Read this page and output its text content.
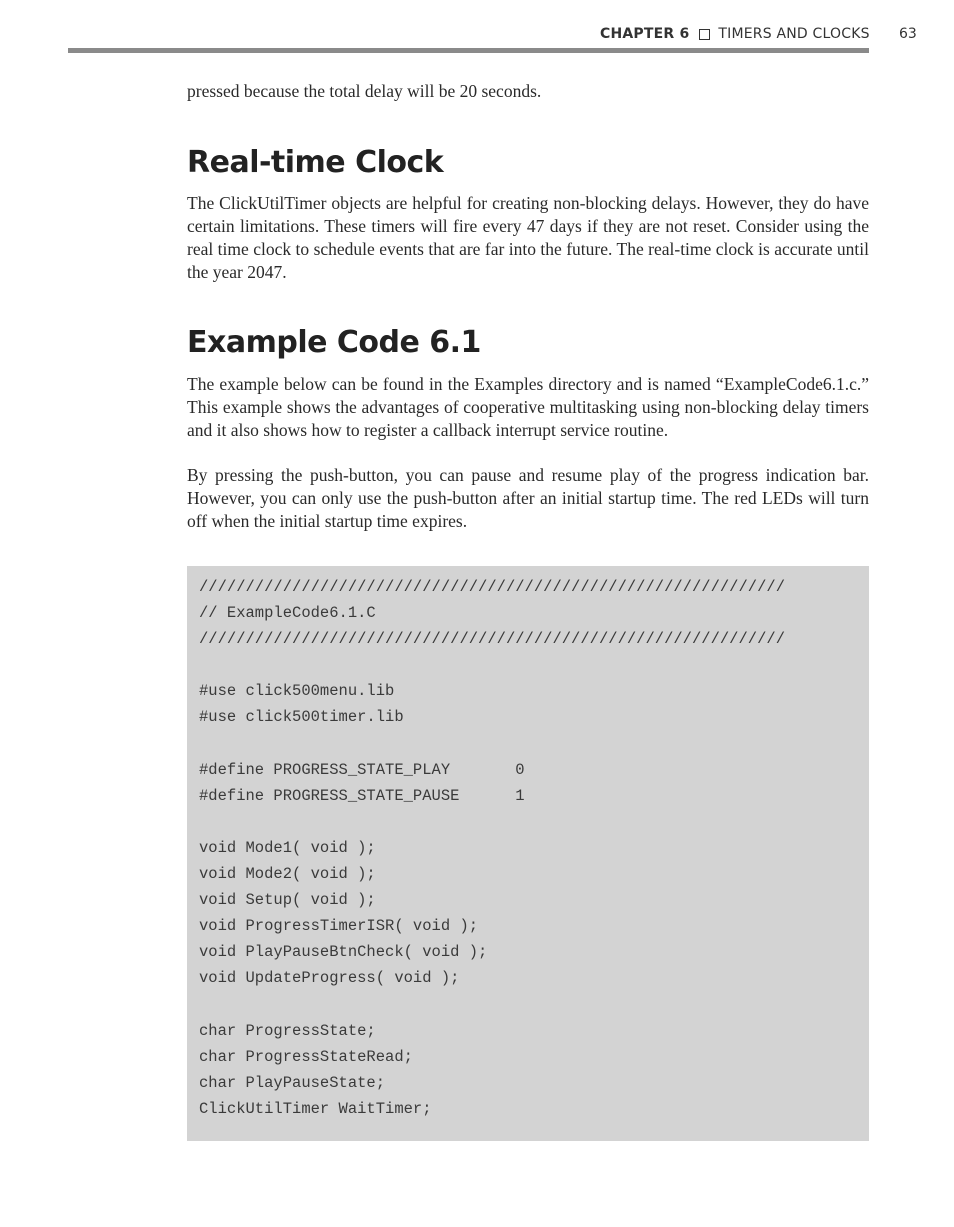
CHAPTER 6 TIMERS AND CLOCKS 63

pressed because the total delay will be 20 seconds.

Real-time Clock

The ClickUtilTimer objects are helpful for creating non-blocking delays. However, they do have certain limitations. These timers will fire every 47 days if they are not reset. Consider using the real time clock to schedule events that are far into the future. The real-time clock is accurate until the year 2047.

Example Code 6.1

The example below can be found in the Examples directory and is named “ExampleCode6.1.c.” This example shows the advantages of cooperative multitasking using non-blocking delay timers and it also shows how to register a callback interrupt service routine.

By pressing the push-button, you can pause and resume play of the progress indication bar. However, you can only use the push-button after an initial startup time. The red LEDs will turn off when the initial startup time expires.

///////////////////////////////////////////////////////////////
// ExampleCode6.1.C
///////////////////////////////////////////////////////////////

#use click500menu.lib
#use click500timer.lib

#define PROGRESS_STATE_PLAY       0
#define PROGRESS_STATE_PAUSE      1

void Mode1( void );
void Mode2( void );
void Setup( void );
void ProgressTimerISR( void );
void PlayPauseBtnCheck( void );
void UpdateProgress( void );

char ProgressState;
char ProgressStateRead;
char PlayPauseState;
ClickUtilTimer WaitTimer;
